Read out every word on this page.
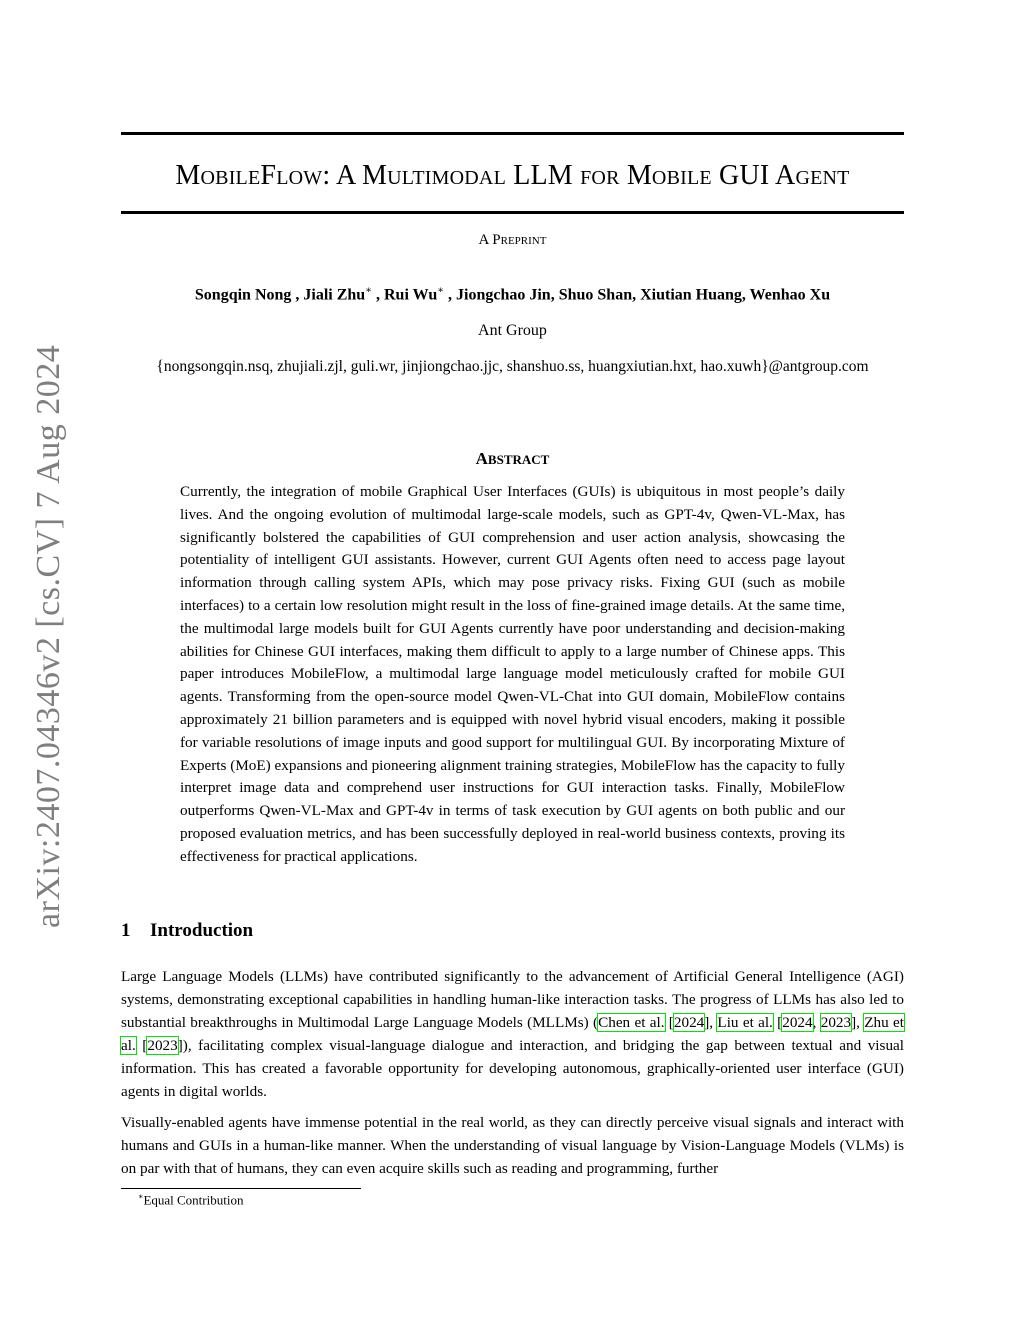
arXiv:2407.04346v2 [cs.CV] 7 Aug 2024
MOBILEFLOW: A MULTIMODAL LLM FOR MOBILE GUI AGENT
A PREPRINT
Songqin Nong , Jiali Zhu∗ , Rui Wu∗ , Jiongchao Jin, Shuo Shan, Xiutian Huang, Wenhao Xu
Ant Group
{nongsongqin.nsq, zhujiali.zjl, guli.wr, jinjiongchao.jjc, shanshuo.ss, huangxiutian.hxt, hao.xuwh}@antgroup.com
ABSTRACT
Currently, the integration of mobile Graphical User Interfaces (GUIs) is ubiquitous in most people’s daily lives. And the ongoing evolution of multimodal large-scale models, such as GPT-4v, Qwen-VL-Max, has significantly bolstered the capabilities of GUI comprehension and user action analysis, showcasing the potentiality of intelligent GUI assistants. However, current GUI Agents often need to access page layout information through calling system APIs, which may pose privacy risks. Fixing GUI (such as mobile interfaces) to a certain low resolution might result in the loss of fine-grained image details. At the same time, the multimodal large models built for GUI Agents currently have poor understanding and decision-making abilities for Chinese GUI interfaces, making them difficult to apply to a large number of Chinese apps. This paper introduces MobileFlow, a multimodal large language model meticulously crafted for mobile GUI agents. Transforming from the open-source model Qwen-VL-Chat into GUI domain, MobileFlow contains approximately 21 billion parameters and is equipped with novel hybrid visual encoders, making it possible for variable resolutions of image inputs and good support for multilingual GUI. By incorporating Mixture of Experts (MoE) expansions and pioneering alignment training strategies, MobileFlow has the capacity to fully interpret image data and comprehend user instructions for GUI interaction tasks. Finally, MobileFlow outperforms Qwen-VL-Max and GPT-4v in terms of task execution by GUI agents on both public and our proposed evaluation metrics, and has been successfully deployed in real-world business contexts, proving its effectiveness for practical applications.
1 Introduction

Large Language Models (LLMs) have contributed significantly to the advancement of Artificial General Intelligence (AGI) systems, demonstrating exceptional capabilities in handling human-like interaction tasks. The progress of LLMs has also led to substantial breakthroughs in Multimodal Large Language Models (MLLMs) (Chen et al. [2024], Liu et al. [2024, 2023], Zhu et al. [2023]), facilitating complex visual-language dialogue and interaction, and bridging the gap between textual and visual information. This has created a favorable opportunity for developing autonomous, graphically-oriented user interface (GUI) agents in digital worlds.

Visually-enabled agents have immense potential in the real world, as they can directly perceive visual signals and interact with humans and GUIs in a human-like manner. When the understanding of visual language by Vision-Language Models (VLMs) is on par with that of humans, they can even acquire skills such as reading and programming, further

∗Equal Contribution
